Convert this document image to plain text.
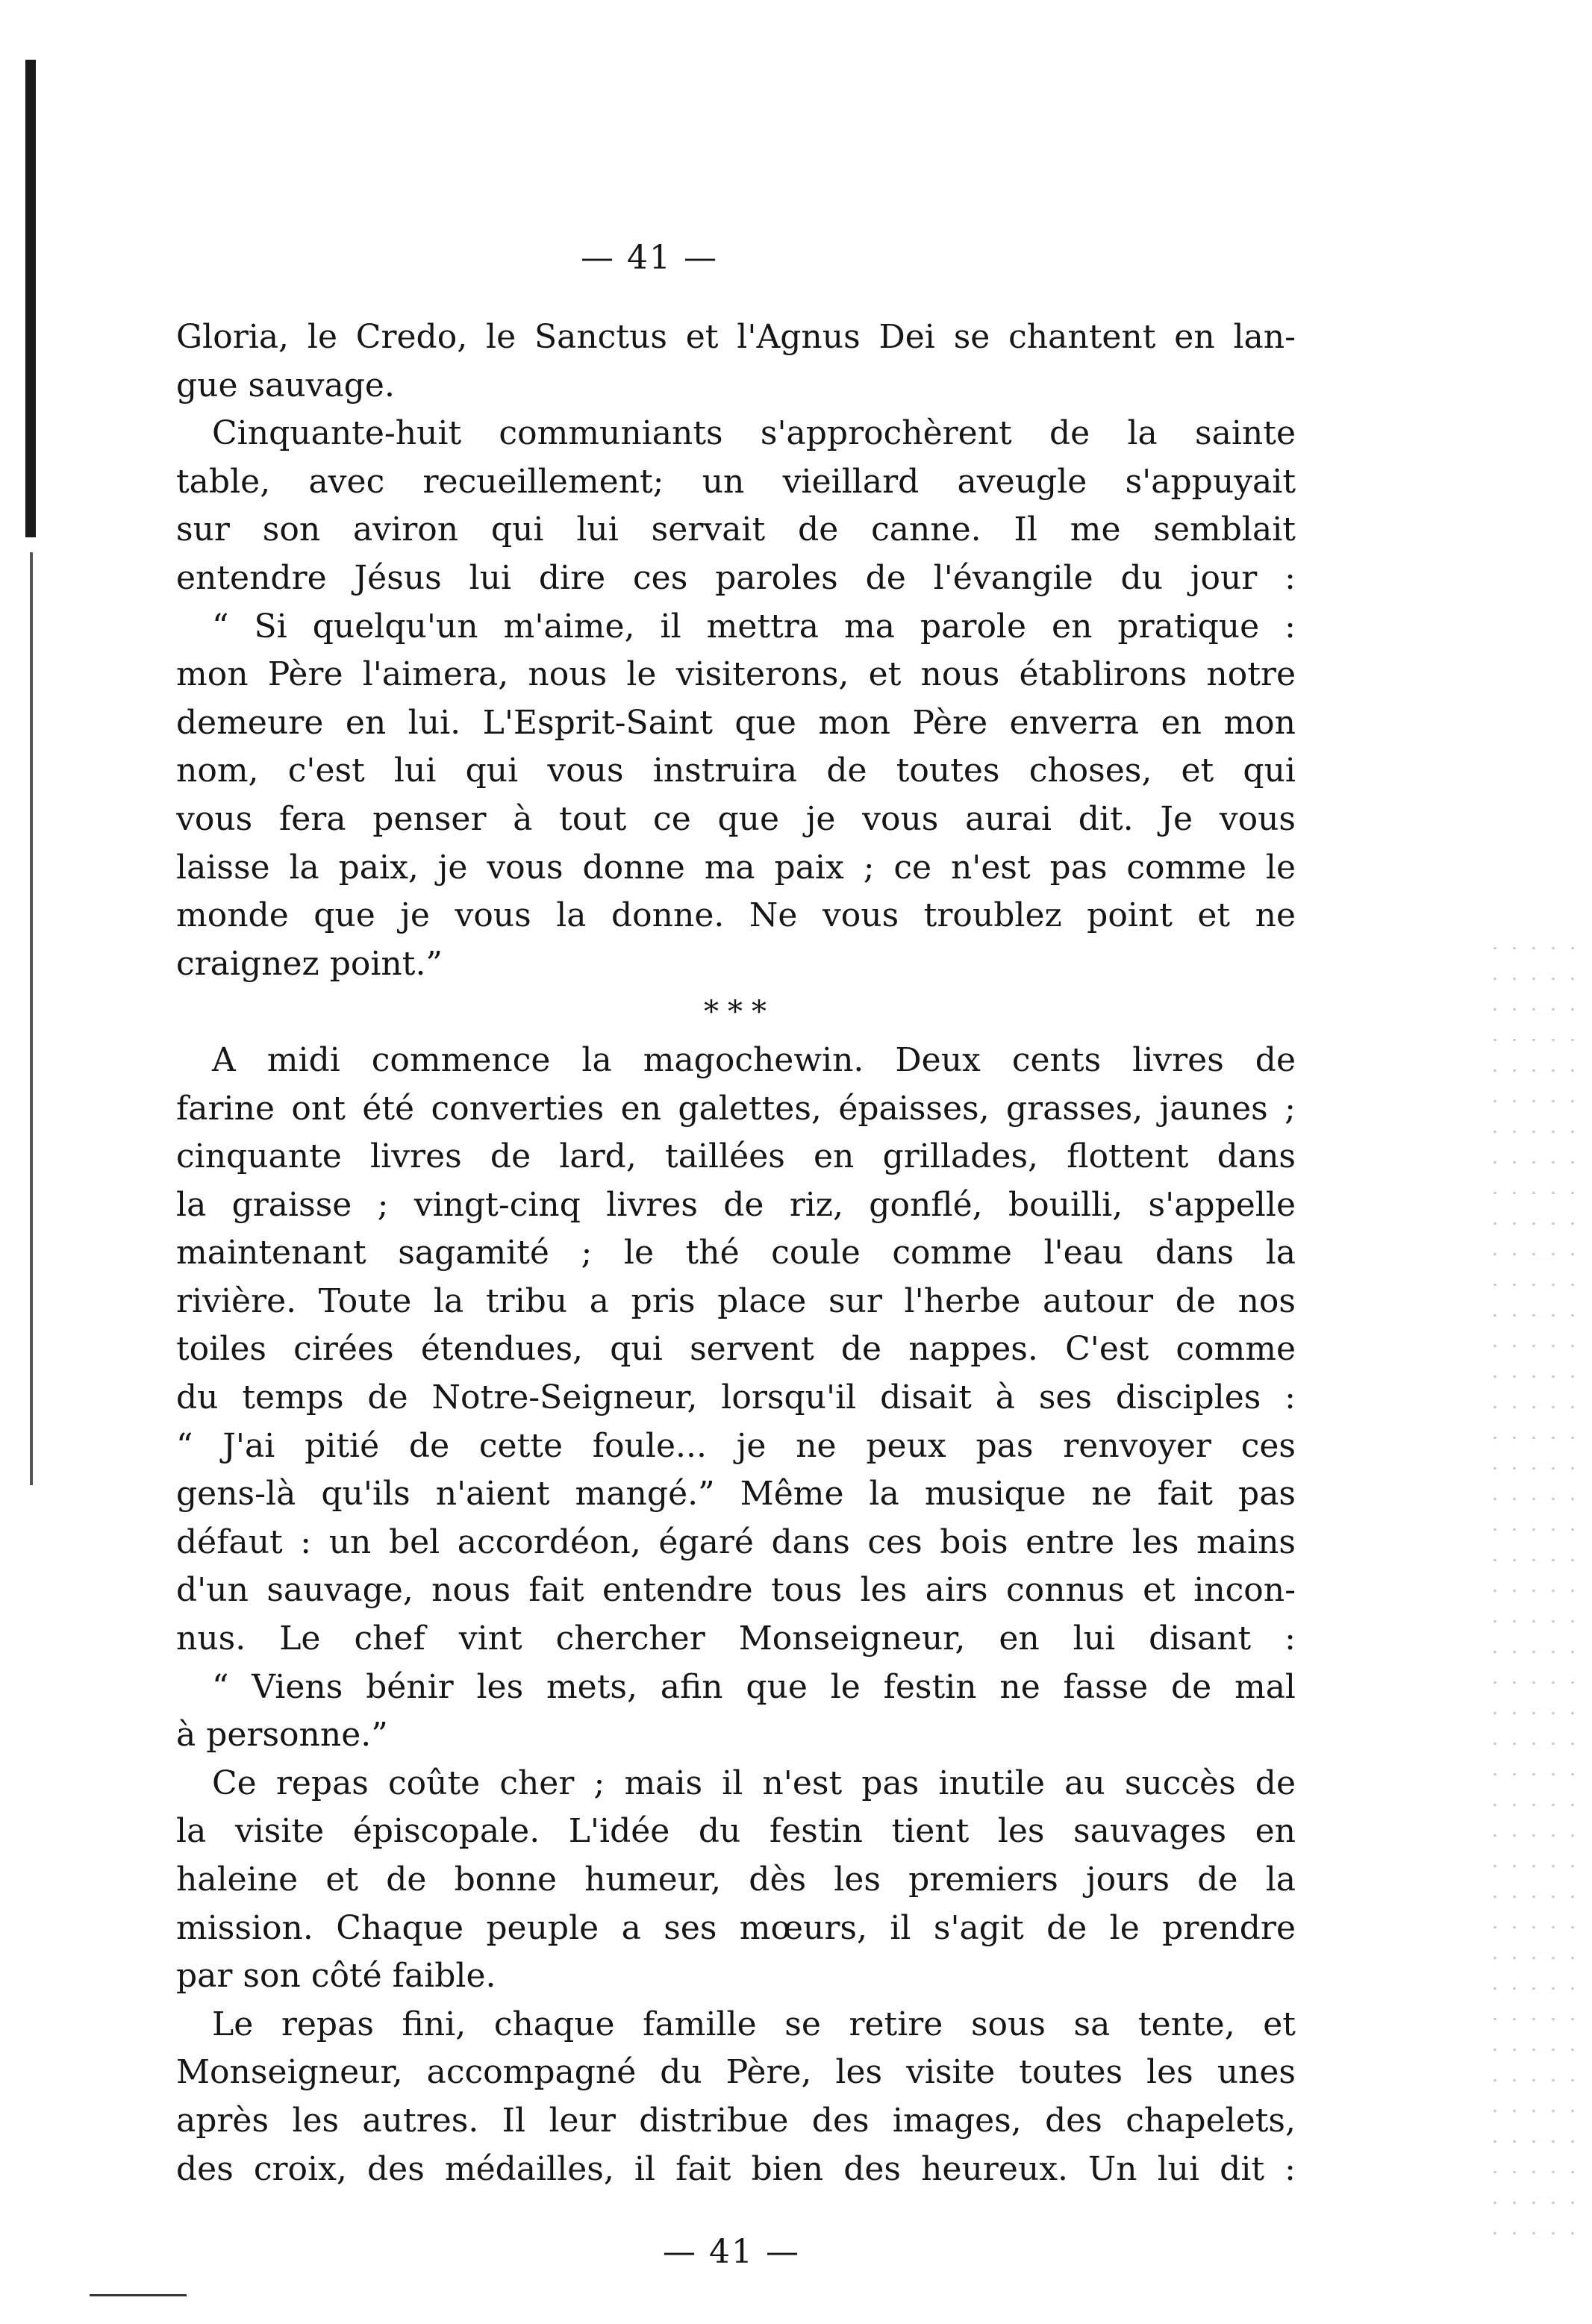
— 41 —
Gloria, le Credo, le Sanctus et l'Agnus Dei se chantent en lan-
gue sauvage.
Cinquante-huit communiants s'approchèrent de la sainte
table, avec recueillement; un vieillard aveugle s'appuyait
sur son aviron qui lui servait de canne. Il me semblait
entendre Jésus lui dire ces paroles de l'évangile du jour :
“ Si quelqu'un m'aime, il mettra ma parole en pratique :
mon Père l'aimera, nous le visiterons, et nous établirons notre
demeure en lui. L'Esprit-Saint que mon Père enverra en mon
nom, c'est lui qui vous instruira de toutes choses, et qui
vous fera penser à tout ce que je vous aurai dit. Je vous
laisse la paix, je vous donne ma paix ; ce n'est pas comme le
monde que je vous la donne. Ne vous troublez point et ne
craignez point.”
* * *
A midi commence la magochewin. Deux cents livres de
farine ont été converties en galettes, épaisses, grasses, jaunes ;
cinquante livres de lard, taillées en grillades, flottent dans
la graisse ; vingt-cinq livres de riz, gonflé, bouilli, s'appelle
maintenant sagamité ; le thé coule comme l'eau dans la
rivière. Toute la tribu a pris place sur l'herbe autour de nos
toiles cirées étendues, qui servent de nappes. C'est comme
du temps de Notre-Seigneur, lorsqu'il disait à ses disciples :
“ J'ai pitié de cette foule... je ne peux pas renvoyer ces
gens-là qu'ils n'aient mangé.” Même la musique ne fait pas
défaut : un bel accordéon, égaré dans ces bois entre les mains
d'un sauvage, nous fait entendre tous les airs connus et incon-
nus. Le chef vint chercher Monseigneur, en lui disant :
“ Viens bénir les mets, afin que le festin ne fasse de mal
à personne.”
Ce repas coûte cher ; mais il n'est pas inutile au succès de
la visite épiscopale. L'idée du festin tient les sauvages en
haleine et de bonne humeur, dès les premiers jours de la
mission. Chaque peuple a ses mœurs, il s'agit de le prendre
par son côté faible.
Le repas fini, chaque famille se retire sous sa tente, et
Monseigneur, accompagné du Père, les visite toutes les unes
après les autres. Il leur distribue des images, des chapelets,
des croix, des médailles, il fait bien des heureux. Un lui dit :
— 41 —
